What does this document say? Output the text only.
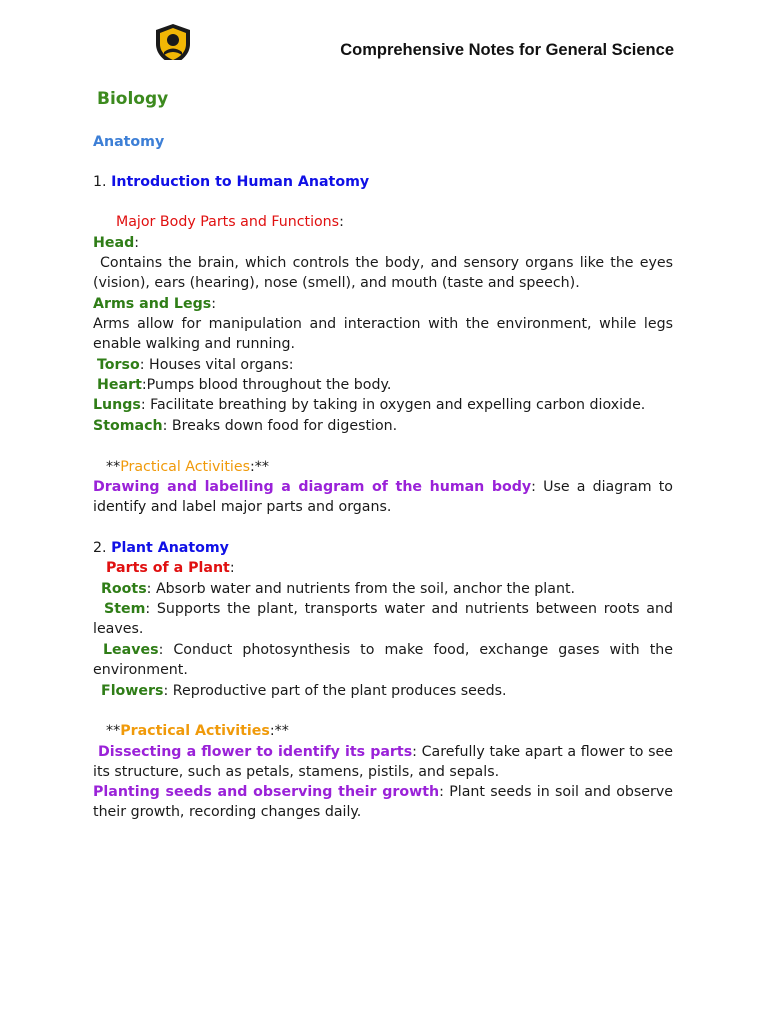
Comprehensive Notes for General Science
Biology
Anatomy
1. Introduction to Human Anatomy
Major Body Parts and Functions:
Head:
Contains the brain, which controls the body, and sensory organs like the eyes (vision), ears (hearing), nose (smell), and mouth (taste and speech).
Arms and Legs:
Arms allow for manipulation and interaction with the environment, while legs enable walking and running.
Torso: Houses vital organs:
Heart:Pumps blood throughout the body.
Lungs: Facilitate breathing by taking in oxygen and expelling carbon dioxide.
Stomach: Breaks down food for digestion.
**Practical Activities:**
Drawing and labelling a diagram of the human body: Use a diagram to identify and label major parts and organs.
2. Plant Anatomy
Parts of a Plant:
Roots: Absorb water and nutrients from the soil, anchor the plant.
Stem: Supports the plant, transports water and nutrients between roots and leaves.
Leaves: Conduct photosynthesis to make food, exchange gases with the environment.
Flowers: Reproductive part of the plant produces seeds.
**Practical Activities:**
Dissecting a flower to identify its parts: Carefully take apart a flower to see its structure, such as petals, stamens, pistils, and sepals.
Planting seeds and observing their growth: Plant seeds in soil and observe their growth, recording changes daily.
